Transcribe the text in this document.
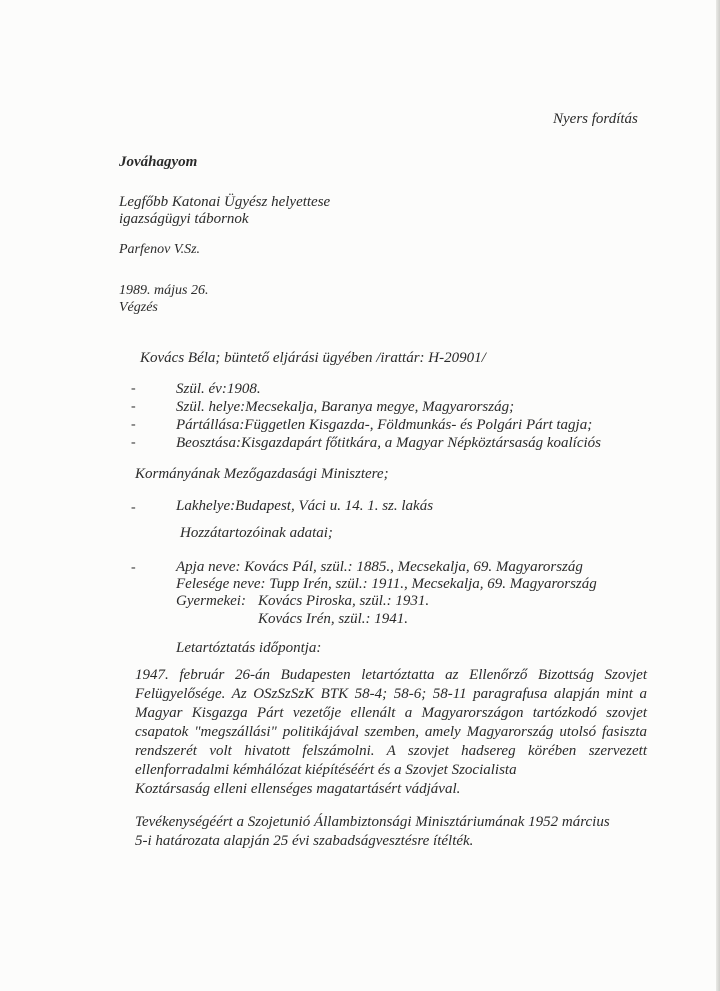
Nyers fordítás
Jováhagyom
Legfőbb Katonai Ügyész helyettese
igazságügyi tábornok
Parfenov V.Sz.
1989. május 26.
Végzés
Kovács Béla; büntető eljárási ügyében /irattár: H-20901/
-	Szül. év:1908.
-	Szül. helye:Mecsekalja, Baranya megye, Magyarország;
-	Pártállása:Független Kisgazda-, Földmunkás- és Polgári Párt tagja;
-	Beosztása:Kisgazdapárt főtitkára, a Magyar Népköztársaság koalíciós
Kormányának Mezőgazdasági Minisztere;
-	Lakhelye:Budapest, Váci u. 14. 1. sz. lakás
Hozzátartozóinak adatai;
-	Apja neve: Kovács Pál, szül.: 1885., Mecsekalja, 69. Magyarország
Felesége neve: Tupp Irén, szül.: 1911., Mecsekalja, 69. Magyarország
Gyermekei: Kovács Piroska, szül.: 1931.
Kovács Irén, szül.: 1941.
Letartóztatás időpontja:
1947. február 26-án Budapesten letartóztatta az Ellenőrző Bizottság Szovjet Felügyelősége. Az OSzSzSzK BTK 58-4; 58-6; 58-11 paragrafusa alapján mint a Magyar Kisgazga Párt vezetője ellenált a Magyarországon tartózkodó szovjet csapatok "megszállási" politikájával szemben, amely Magyarország utolsó fasiszta rendszerét volt hivatott felszámolni. A szovjet hadsereg körében szervezett ellenforradalmi kémhálózat kiépítéséért és a Szovjet Szocialista
Koztársaság elleni ellenséges magatartásért vádjával.
Tevékenységéért a Szojetunió Állambiztonsági Minisztáriumának 1952 március
5-i határozata alapján 25 évi szabadságvesztésre ítélték.
